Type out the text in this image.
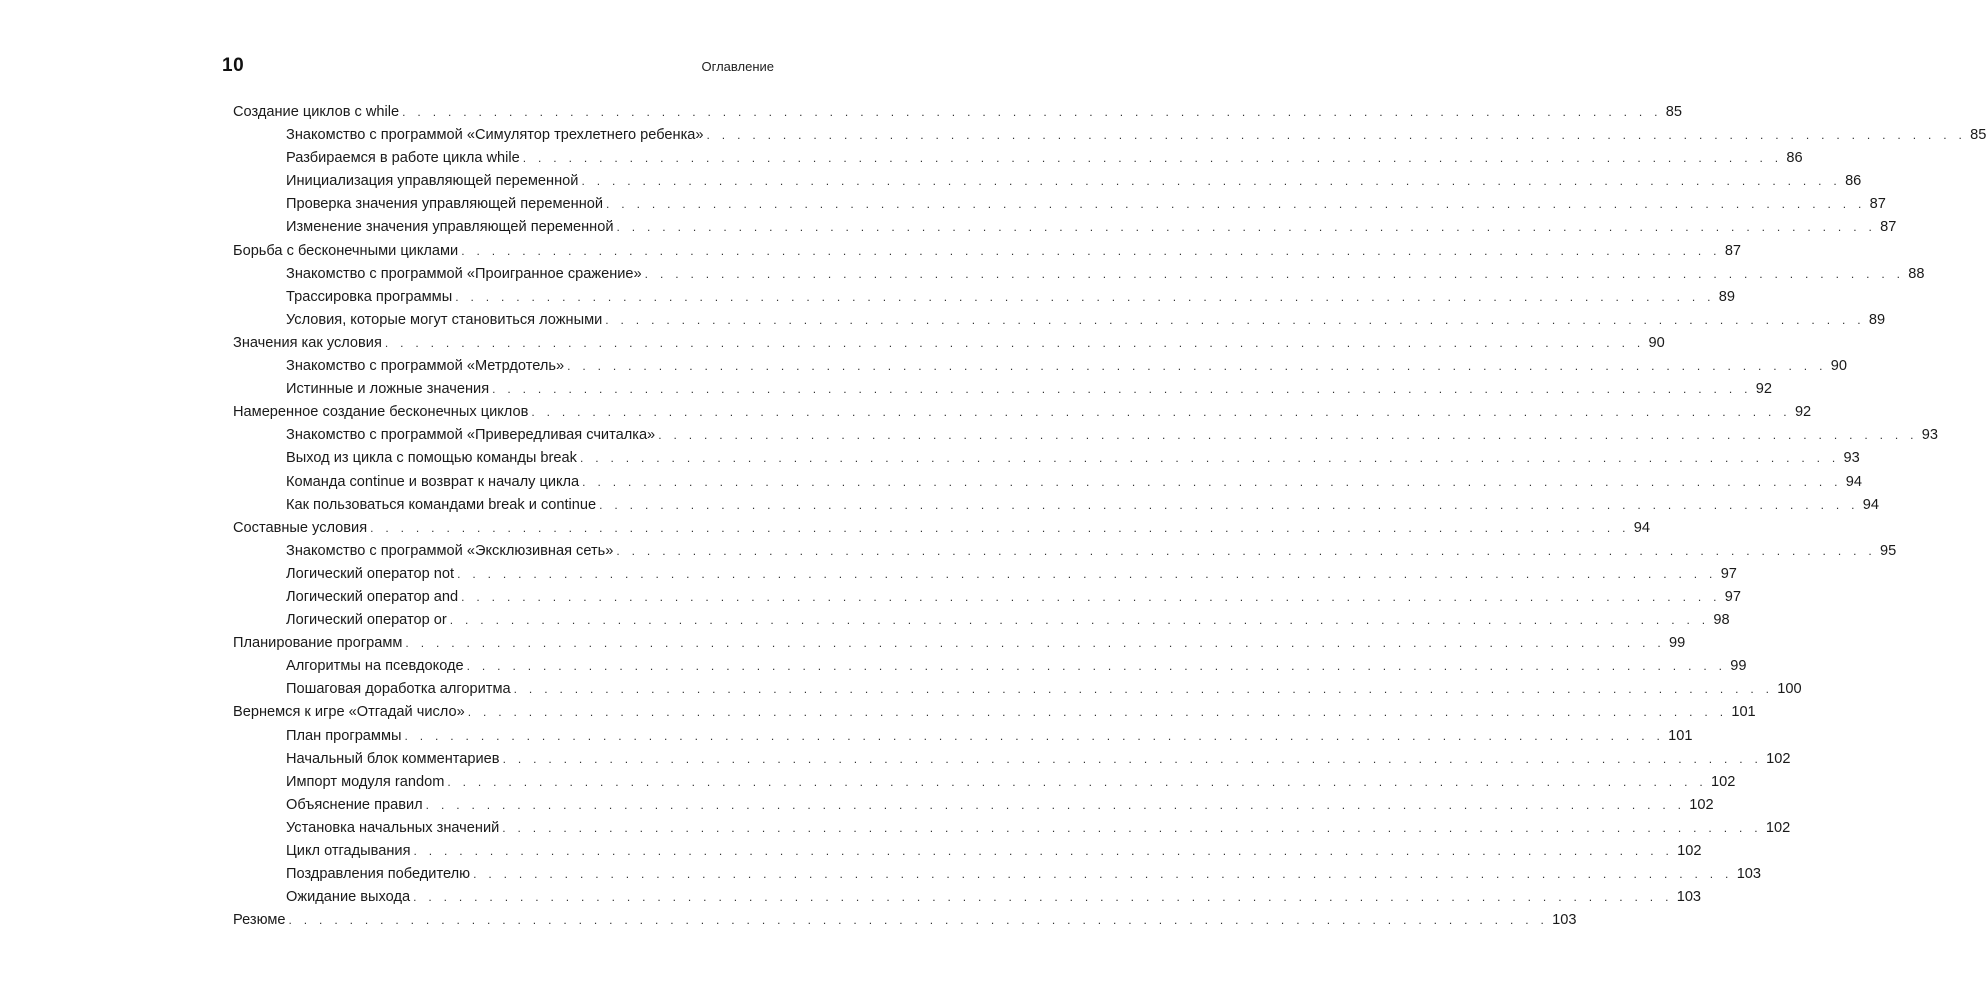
10	Оглавление
Создание циклов с while . . . . . . . . . . . . . . . . . . . . . . . . . . . . . . . . . . . . . . . . . . . . . . . . . . . . . . . . . . . . . . . . . . . . . . . . . . . . . . . . . . . 85
Знакомство с программой «Симулятор трехлетнего ребенка» . . . . . . . . . . . . . . . . . . . . . . . . . . . . . . . . . . . . . . . . . . . . . . . . . . . . . . . . . . . . . . . . . . . . . . . . . . . . . . . . . . . 85
Разбираемся в работе цикла while . . . . . . . . . . . . . . . . . . . . . . . . . . . . . . . . . . . . . . . . . . . . . . . . . . . . . . . . . . . . . . . . . . . . . . . . . . . . . . . . . . . 86
Инициализация управляющей переменной . . . . . . . . . . . . . . . . . . . . . . . . . . . . . . . . . . . . . . . . . . . . . . . . . . . . . . . . . . . . . . . . . . . . . . . . . . . . . . . . . . . 86
Проверка значения управляющей переменной . . . . . . . . . . . . . . . . . . . . . . . . . . . . . . . . . . . . . . . . . . . . . . . . . . . . . . . . . . . . . . . . . . . . . . . . . . . . . . . . . . . 87
Изменение значения управляющей переменной . . . . . . . . . . . . . . . . . . . . . . . . . . . . . . . . . . . . . . . . . . . . . . . . . . . . . . . . . . . . . . . . . . . . . . . . . . . . . . . . . . . 87
Борьба с бесконечными циклами . . . . . . . . . . . . . . . . . . . . . . . . . . . . . . . . . . . . . . . . . . . . . . . . . . . . . . . . . . . . . . . . . . . . . . . . . . . . . . . . . . . 87
Знакомство с программой «Проигранное сражение» . . . . . . . . . . . . . . . . . . . . . . . . . . . . . . . . . . . . . . . . . . . . . . . . . . . . . . . . . . . . . . . . . . . . . . . . . . . . . . . . . . . 88
Трассировка программы . . . . . . . . . . . . . . . . . . . . . . . . . . . . . . . . . . . . . . . . . . . . . . . . . . . . . . . . . . . . . . . . . . . . . . . . . . . . . . . . . . . 89
Условия, которые могут становиться ложными . . . . . . . . . . . . . . . . . . . . . . . . . . . . . . . . . . . . . . . . . . . . . . . . . . . . . . . . . . . . . . . . . . . . . . . . . . . . . . . . . . . 89
Значения как условия . . . . . . . . . . . . . . . . . . . . . . . . . . . . . . . . . . . . . . . . . . . . . . . . . . . . . . . . . . . . . . . . . . . . . . . . . . . . . . . . . . . 90
Знакомство с программой «Метрдотель» . . . . . . . . . . . . . . . . . . . . . . . . . . . . . . . . . . . . . . . . . . . . . . . . . . . . . . . . . . . . . . . . . . . . . . . . . . . . . . . . . . . 90
Истинные и ложные значения . . . . . . . . . . . . . . . . . . . . . . . . . . . . . . . . . . . . . . . . . . . . . . . . . . . . . . . . . . . . . . . . . . . . . . . . . . . . . . . . . . . 92
Намеренное создание бесконечных циклов . . . . . . . . . . . . . . . . . . . . . . . . . . . . . . . . . . . . . . . . . . . . . . . . . . . . . . . . . . . . . . . . . . . . . . . . . . . . . . . . . . . 92
Знакомство с программой «Привередливая считалка» . . . . . . . . . . . . . . . . . . . . . . . . . . . . . . . . . . . . . . . . . . . . . . . . . . . . . . . . . . . . . . . . . . . . . . . . . . . . . . . . . . . 93
Выход из цикла с помощью команды break . . . . . . . . . . . . . . . . . . . . . . . . . . . . . . . . . . . . . . . . . . . . . . . . . . . . . . . . . . . . . . . . . . . . . . . . . . . . . . . . . . . 93
Команда continue и возврат к началу цикла . . . . . . . . . . . . . . . . . . . . . . . . . . . . . . . . . . . . . . . . . . . . . . . . . . . . . . . . . . . . . . . . . . . . . . . . . . . . . . . . . . . 94
Как пользоваться командами break и continue . . . . . . . . . . . . . . . . . . . . . . . . . . . . . . . . . . . . . . . . . . . . . . . . . . . . . . . . . . . . . . . . . . . . . . . . . . . . . . . . . . . 94
Составные условия . . . . . . . . . . . . . . . . . . . . . . . . . . . . . . . . . . . . . . . . . . . . . . . . . . . . . . . . . . . . . . . . . . . . . . . . . . . . . . . . . . . 94
Знакомство с программой «Эксклюзивная сеть» . . . . . . . . . . . . . . . . . . . . . . . . . . . . . . . . . . . . . . . . . . . . . . . . . . . . . . . . . . . . . . . . . . . . . . . . . . . . . . . . . . . 95
Логический оператор not . . . . . . . . . . . . . . . . . . . . . . . . . . . . . . . . . . . . . . . . . . . . . . . . . . . . . . . . . . . . . . . . . . . . . . . . . . . . . . . . . . . 97
Логический оператор and . . . . . . . . . . . . . . . . . . . . . . . . . . . . . . . . . . . . . . . . . . . . . . . . . . . . . . . . . . . . . . . . . . . . . . . . . . . . . . . . . . . 97
Логический оператор or . . . . . . . . . . . . . . . . . . . . . . . . . . . . . . . . . . . . . . . . . . . . . . . . . . . . . . . . . . . . . . . . . . . . . . . . . . . . . . . . . . . 98
Планирование программ . . . . . . . . . . . . . . . . . . . . . . . . . . . . . . . . . . . . . . . . . . . . . . . . . . . . . . . . . . . . . . . . . . . . . . . . . . . . . . . . . . . 99
Алгоритмы на псевдокоде . . . . . . . . . . . . . . . . . . . . . . . . . . . . . . . . . . . . . . . . . . . . . . . . . . . . . . . . . . . . . . . . . . . . . . . . . . . . . . . . . . . 99
Пошаговая доработка алгоритма . . . . . . . . . . . . . . . . . . . . . . . . . . . . . . . . . . . . . . . . . . . . . . . . . . . . . . . . . . . . . . . . . . . . . . . . . . . . . . . . . . . 100
Вернемся к игре «Отгадай число» . . . . . . . . . . . . . . . . . . . . . . . . . . . . . . . . . . . . . . . . . . . . . . . . . . . . . . . . . . . . . . . . . . . . . . . . . . . . . . . . . . . 101
План программы . . . . . . . . . . . . . . . . . . . . . . . . . . . . . . . . . . . . . . . . . . . . . . . . . . . . . . . . . . . . . . . . . . . . . . . . . . . . . . . . . . . 101
Начальный блок комментариев . . . . . . . . . . . . . . . . . . . . . . . . . . . . . . . . . . . . . . . . . . . . . . . . . . . . . . . . . . . . . . . . . . . . . . . . . . . . . . . . . . . 102
Импорт модуля random . . . . . . . . . . . . . . . . . . . . . . . . . . . . . . . . . . . . . . . . . . . . . . . . . . . . . . . . . . . . . . . . . . . . . . . . . . . . . . . . . . . 102
Объяснение правил . . . . . . . . . . . . . . . . . . . . . . . . . . . . . . . . . . . . . . . . . . . . . . . . . . . . . . . . . . . . . . . . . . . . . . . . . . . . . . . . . . . 102
Установка начальных значений . . . . . . . . . . . . . . . . . . . . . . . . . . . . . . . . . . . . . . . . . . . . . . . . . . . . . . . . . . . . . . . . . . . . . . . . . . . . . . . . . . . 102
Цикл отгадывания . . . . . . . . . . . . . . . . . . . . . . . . . . . . . . . . . . . . . . . . . . . . . . . . . . . . . . . . . . . . . . . . . . . . . . . . . . . . . . . . . . . 102
Поздравления победителю . . . . . . . . . . . . . . . . . . . . . . . . . . . . . . . . . . . . . . . . . . . . . . . . . . . . . . . . . . . . . . . . . . . . . . . . . . . . . . . . . . . 103
Ожидание выхода . . . . . . . . . . . . . . . . . . . . . . . . . . . . . . . . . . . . . . . . . . . . . . . . . . . . . . . . . . . . . . . . . . . . . . . . . . . . . . . . . . . 103
Резюме . . . . . . . . . . . . . . . . . . . . . . . . . . . . . . . . . . . . . . . . . . . . . . . . . . . . . . . . . . . . . . . . . . . . . . . . . . . . . . . . . . . 103
